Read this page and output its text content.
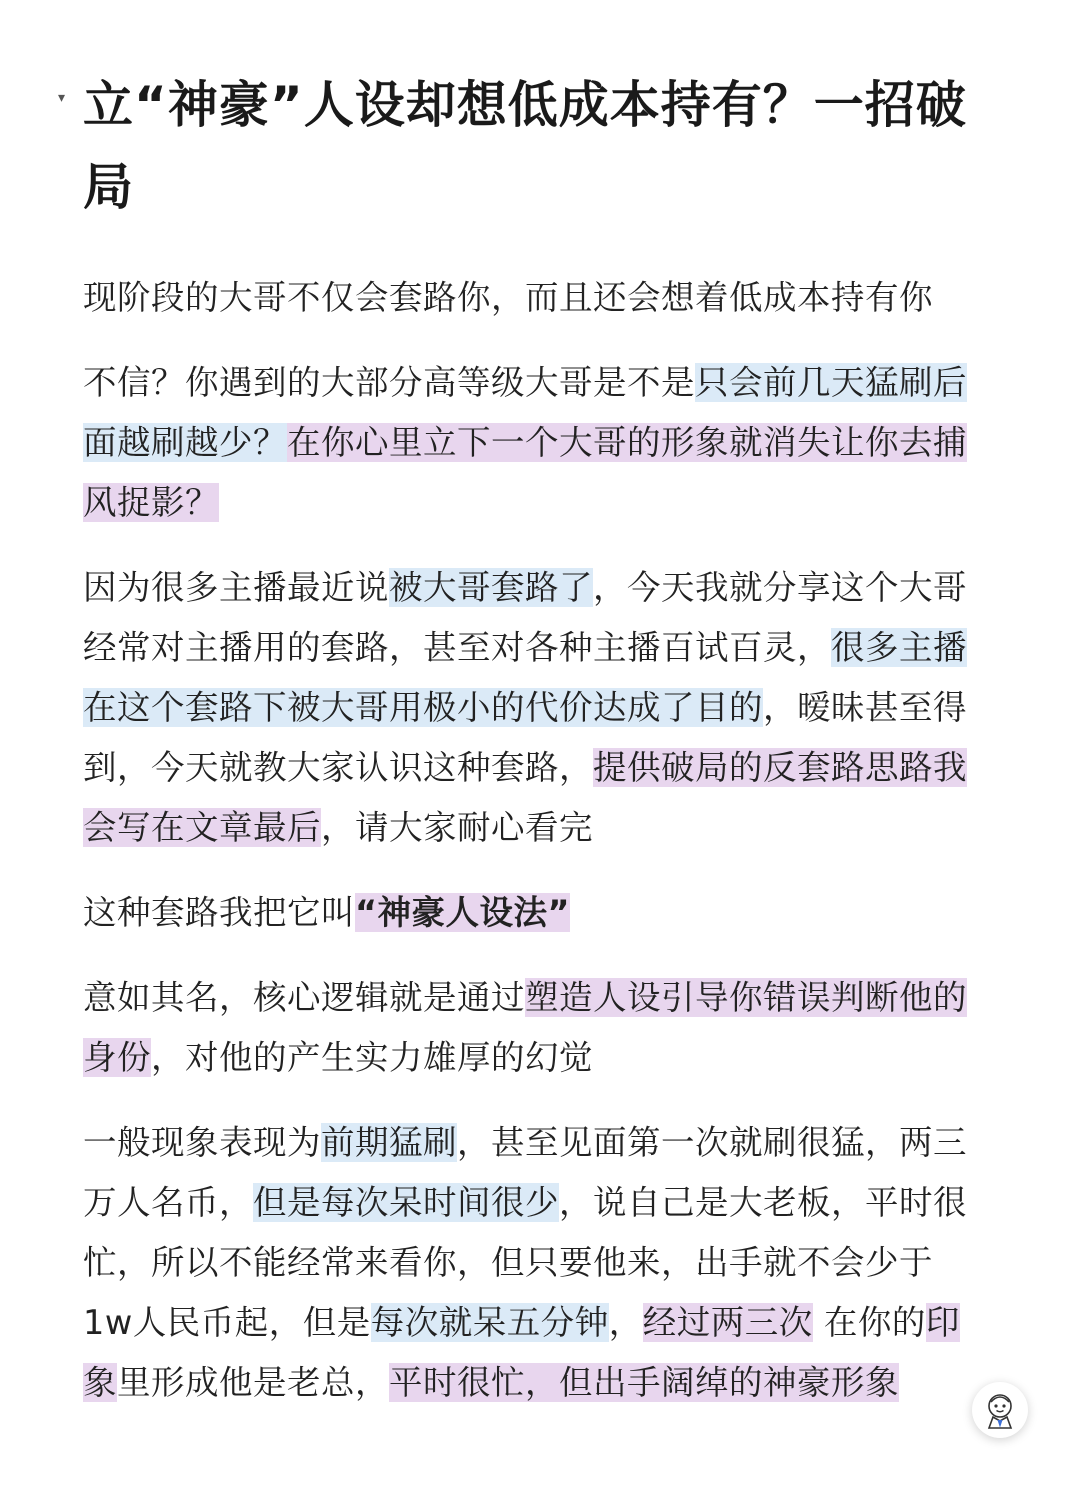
▾ 立“神豪”人设却想低成本持有？一招破局

现阶段的大哥不仅会套路你，而且还会想着低成本持有你

不信？你遇到的大部分高等级大哥是不是只会前几天猛刷后面越刷越少？在你心里立下一个大哥的形象就消失让你去捕风捉影？

因为很多主播最近说被大哥套路了，今天我就分享这个大哥经常对主播用的套路，甚至对各种主播百试百灵，很多主播在这个套路下被大哥用极小的代价达成了目的，暧昧甚至得到，今天就教大家认识这种套路，提供破局的反套路思路我会写在文章最后，请大家耐心看完

这种套路我把它叫“神豪人设法”

意如其名，核心逻辑就是通过塑造人设引导你错误判断他的身份，对他的产生实力雄厚的幻觉

一般现象表现为前期猛刷，甚至见面第一次就刷很猛，两三万人名币，但是每次呆时间很少，说自己是大老板，平时很忙，所以不能经常来看你，但只要他来，出手就不会少于1w人民币起，但是每次就呆五分钟，经过两三次 在你的印象里形成他是老总，平时很忙，但出手阔绰的神豪形象
